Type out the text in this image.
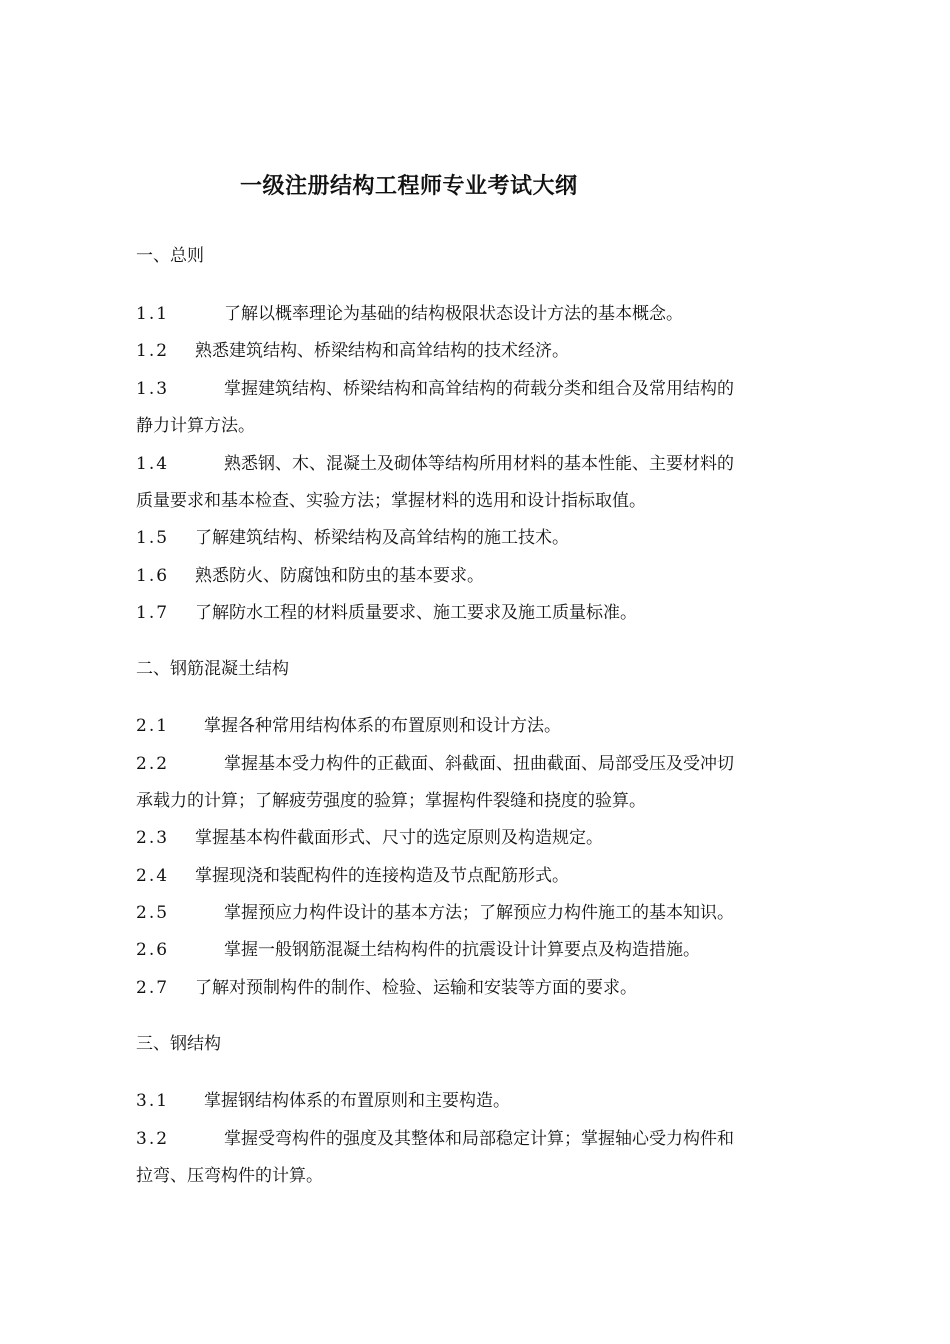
一级注册结构工程师专业考试大纲
一、总则
1.1	了解以概率理论为基础的结构极限状态设计方法的基本概念。
1.2 熟悉建筑结构、桥梁结构和高耸结构的技术经济。
1.3	掌握建筑结构、桥梁结构和高耸结构的荷载分类和组合及常用结构的
静力计算方法。
1.4	熟悉钢、木、混凝土及砌体等结构所用材料的基本性能、主要材料的
质量要求和基本检查、实验方法；掌握材料的选用和设计指标取值。
1.5 了解建筑结构、桥梁结构及高耸结构的施工技术。
1.6 熟悉防火、防腐蚀和防虫的基本要求。
1.7 了解防水工程的材料质量要求、施工要求及施工质量标准。
二、钢筋混凝土结构
2.1 掌握各种常用结构体系的布置原则和设计方法。
2.2	掌握基本受力构件的正截面、斜截面、扭曲截面、局部受压及受冲切
承载力的计算；了解疲劳强度的验算；掌握构件裂缝和挠度的验算。
2.3 掌握基本构件截面形式、尺寸的选定原则及构造规定。
2.4 掌握现浇和装配构件的连接构造及节点配筋形式。
2.5	掌握预应力构件设计的基本方法；了解预应力构件施工的基本知识。
2.6	掌握一般钢筋混凝土结构构件的抗震设计计算要点及构造措施。
2.7 了解对预制构件的制作、检验、运输和安装等方面的要求。
三、钢结构
3.1 掌握钢结构体系的布置原则和主要构造。
3.2	掌握受弯构件的强度及其整体和局部稳定计算；掌握轴心受力构件和
拉弯、压弯构件的计算。
